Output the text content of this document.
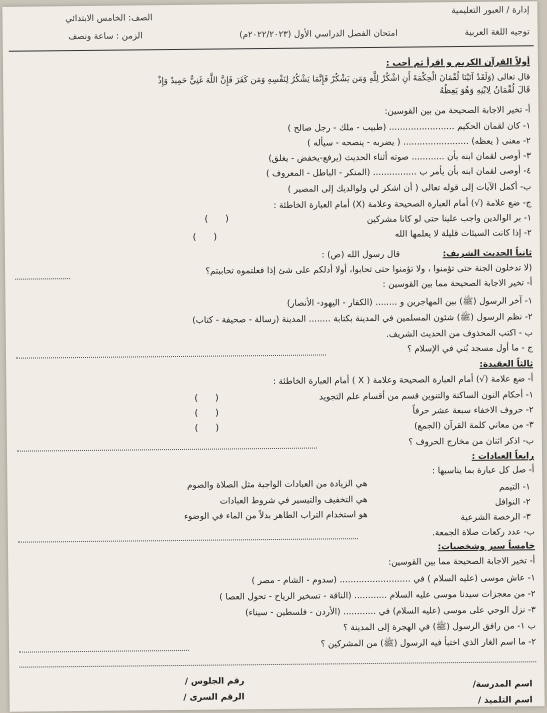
إدارة / العبور التعليمية
الصف: الخامس الابتدائي
توجيه اللغة العربية
امتحان الفصل الدراسي الأول (٢٠٢٢/٢٠٢٣م)
الزمن : ساعة ونصف
أولاً القرآن الكريم و اقرأ ثم أجب :
قال تعالى (وَلَقَدْ آتَيْنَا لُقْمَانَ الْحِكْمَةَ أَنِ اشْكُرْ لِلَّهِ وَمَن يَشْكُرْ فَإِنَّمَا يَشْكُرُ لِنَفْسِهِ وَمَن كَفَرَ فَإِنَّ اللَّهَ غَنِيٌّ حَمِيدٌ وَإِذْ
قَالَ لُقْمَانُ لِابْنِهِ وَهُوَ يَعِظُهُ
أ- تخير الاجابة الصحيحة من بين القوسين:
١- كان لقمان الحكيم ........................ (طبيب - ملك - رجل صالح )
٢- معنى ( يعظه) ........................ ( يضربه - ينصحه - سيأله )
٣- أوصى لقمان ابنه بأن ............ صوته أثناء الحديث (يرفع-يخفض - يغلق)
٤- أوصى لقمان ابنه بأن يأمر ب ................ (المنكر - الباطل - المعروف )
ب- أكمل الآيات إلى قوله تعالى ( أن اشكر لي ولوالديك إلى المصير )
ج- ضع علامة (√) أمام العبارة الصحيحة وعلامة (X) أمام العبارة الخاطئة :
١- بر الوالدين واجب علينا حتى لو كانا مشركين
(      )
٢- إذا كانت السيئات قليلة لا يعلمها الله
(      )
ثانياً الحديث الشريف:
قال رسول الله (ص) :
(لا تدخلون الجنة حتى تؤمنوا ، ولا تؤمنوا حتى تحابوا، أولا أدلكم على شئ إذا فعلتموه تحاببتم؟
أ- تخير الاجابة الصحيحة مما بين القوسين :
١- آخر الرسول (ﷺ) بين المهاجرين و ........ (الكفار - اليهود- الأنصار)
٢- نظم الرسول (ﷺ) شئون المسلمين في المدينة بكتابة ........ المدينة (رسالة - صحيفة - كتاب)
ب - اكتب المحذوف من الحديث الشريف.
ج - ما أول مسجد بُني في الإسلام ؟
ثالثاً العقيدة:
أ- ضع علامة (√) أمام العبارة الصحيحة وعلامة ( X ) أمام العبارة الخاطئة :
١- أحكام النون الساكنة والتنوين قسم من أقسام علم التجويد
(      )
٢- حروف الاخفاء سبعة عشر حرفاً
(      )
٣- من معاني كلمة القرآن (الجمع)
(      )
ب- اذكر اثنان من مخارج الحروف ؟
رابعاً العبادات :
أ- صل كل عبارة بما يناسبها :
١- التيمم
هي الزيادة من العبادات الواجبة مثل الصلاة والصوم
٢- النوافل
هي التخفيف والتيسير في شروط العبادات
٣- الرخصة الشرعية
هو استخدام التراب الطاهر بدلاً من الماء في الوضوء
ب- عدد ركعات صلاة الجمعة.
خامساً سير وشخصيات:
أ- تخير الاجابة الصحيحة مما بين القوسين:
١- عاش موسى (عليه السلام ) في .......................... (سدوم - الشام - مصر )
٢- من معجزات سيدنا موسى عليه السلام ............ (الناقة - تسخير الرياح - تحول العصا )
٣- نزل الوحي على موسى (عليه السلام) في ............ (الأردن - فلسطين - سيناء)
ب ١- من رافق الرسول (ﷺ) في الهجرة إلى المدينة ؟
٢- ما اسم الغار الذي اختبأ فيه الرسول (ﷺ) من المشركين ؟
رقم الجلوس /
الرقم السرى /
اسم المدرسة/
اسم التلميذ /
